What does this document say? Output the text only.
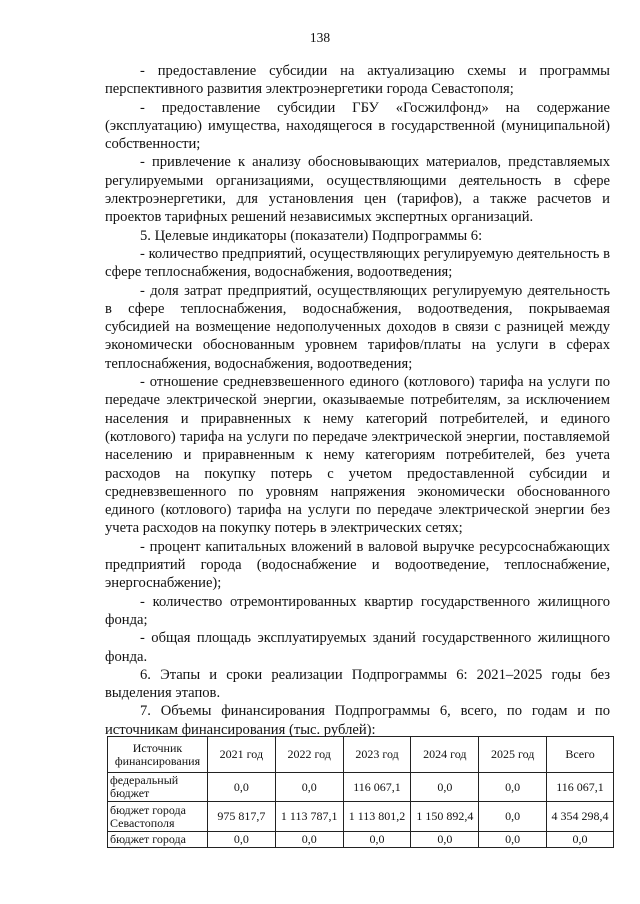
138

- предоставление субсидии на актуализацию схемы и программы перспективного развития электроэнергетики города Севастополя;

- предоставление субсидии ГБУ «Госжилфонд» на содержание (эксплуатацию) имущества, находящегося в государственной (муниципальной) собственности;

- привлечение к анализу обосновывающих материалов, представляемых регулируемыми организациями, осуществляющими деятельность в сфере электроэнергетики, для установления цен (тарифов), а также расчетов и проектов тарифных решений независимых экспертных организаций.

5. Целевые индикаторы (показатели) Подпрограммы 6:

- количество предприятий, осуществляющих регулируемую деятельность в сфере теплоснабжения, водоснабжения, водоотведения;

- доля затрат предприятий, осуществляющих регулируемую деятельность в сфере теплоснабжения, водоснабжения, водоотведения, покрываемая субсидией на возмещение недополученных доходов в связи с разницей между экономически обоснованным уровнем тарифов/платы на услуги в сферах теплоснабжения, водоснабжения, водоотведения;

- отношение средневзвешенного единого (котлового) тарифа на услуги по передаче электрической энергии, оказываемые потребителям, за исключением населения и приравненных к нему категорий потребителей, и единого (котлового) тарифа на услуги по передаче электрической энергии, поставляемой населению и приравненным к нему категориям потребителей, без учета расходов на покупку потерь с учетом предоставленной субсидии и средневзвешенного по уровням напряжения экономически обоснованного единого (котлового) тарифа на услуги по передаче электрической энергии без учета расходов на покупку потерь в электрических сетях;

- процент капитальных вложений в валовой выручке ресурсоснабжающих предприятий города (водоснабжение и водоотведение, теплоснабжение, энергоснабжение);

- количество отремонтированных квартир государственного жилищного фонда;

- общая площадь эксплуатируемых зданий государственного жилищного фонда.

6. Этапы и сроки реализации Подпрограммы 6: 2021–2025 годы без выделения этапов.

7. Объемы финансирования Подпрограммы 6, всего, по годам и по источникам финансирования (тыс. рублей):

Источник финансирования	2021 год	2022 год	2023 год	2024 год	2025 год	Всего
федеральный бюджет	0,0	0,0	116 067,1	0,0	0,0	116 067,1
бюджет города Севастополя	975 817,7	1 113 787,1	1 113 801,2	1 150 892,4	0,0	4 354 298,4
бюджет города	0,0	0,0	0,0	0,0	0,0	0,0
